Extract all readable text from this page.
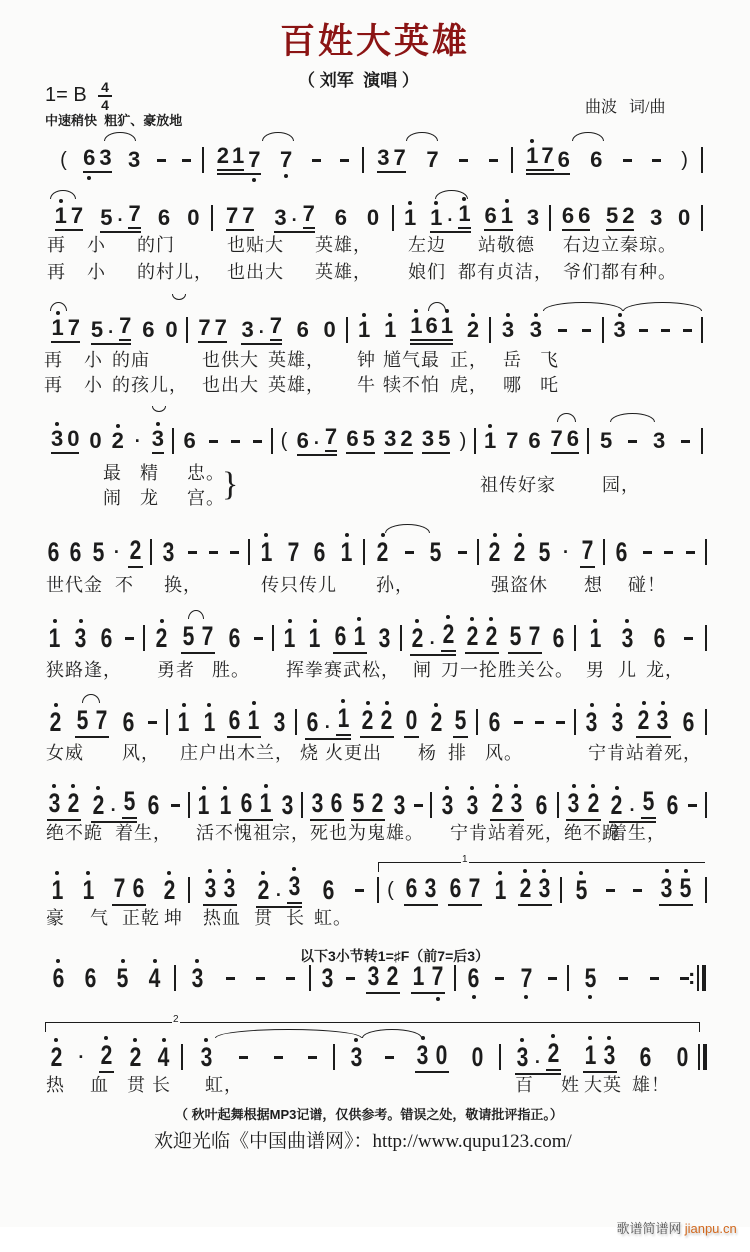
百姓大英雄
（ 刘军  演唱 ）
1= B 4
4
中速稍快  粗犷、豪放地
曲波   词/曲
( 6 3 3	2 1 7 7	3 7 7	1 7 6 6	)
1 7 5 · 7 6 0 7 7 3 · 7 6 0 1 1 · 1 6 1 3 6 6 5 2 3 0
再 小 的门	也贴大 英雄， 左边 站敬德 右边立秦琼。
再 小 的村儿， 也出大 英雄， 娘们 都有贞洁， 爷们都有种。
1 7 5 · 7 6 0 7 7 3 · 7 6 0 1 1 1 6 1 2 3 3	3
再 小 的庙	也供大 英雄， 钟 馗气最 正， 岳 飞
再 小 的孩儿， 也出大 英雄， 牛 犊不怕 虎， 哪 吒
3 0 0 2 · 3 6	( 6 · 7 6 5 3 2 3 5 ) 1 7 6 7 6 5 3
}
最 精 忠。
闹 龙 宫。
祖传好家	园，
6 6 5 · 2 3	1 7 6 1 2 5 2 2 5 · 7 6
世代金 不 换，	传只传儿 孙，	强盗休 想 碰！
1 3 6 2 5 7 6 1 1 6 1 3 2 · 2 2 2 5 7 6 1 3 6
狭路逢， 勇者 胜。 挥拳赛武松， 闸 刀一抡胜关公。 男 儿 龙，
2 5 7 6 1 1 6 1 3 6 · 1 2 2 0 2 5 6	3 3 2 3 6
女威 风， 庄户出木兰， 烧 火更出 杨 排 风。	宁肯站着死，
3 2 2 · 5 6 1 1 6 1 3 3 6 5 2 3 3 3 2 3 6 3 2 2 · 5 6
绝不跪 着生， 活不愧祖宗，死也为鬼雄。 宁肯站着死，绝不跪
着生，
1 1 7 6 2 3 3 2 · 3 6	( 6 3 6 7 1 2 3 5	3 5
1
豪 气 正乾 坤 热血 贯 长 虹。
6 6 5 4 3	3 3 2 1 7 6 7 5
:
2
2 · 2 2 4 3	3 3 0 0 3 · 2 1 3 6 0
热 血 贯 长 虹，	百 姓 大英 雄！
以下3小节转1=♯F（前7=后3）
（ 秋叶起舞根据MP3记谱，仅供参考。错误之处，敬请批评指正。）
欢迎光临《中国曲谱网》：http://www.qupu123.com/

歌谱简谱网 jianpu.cn
